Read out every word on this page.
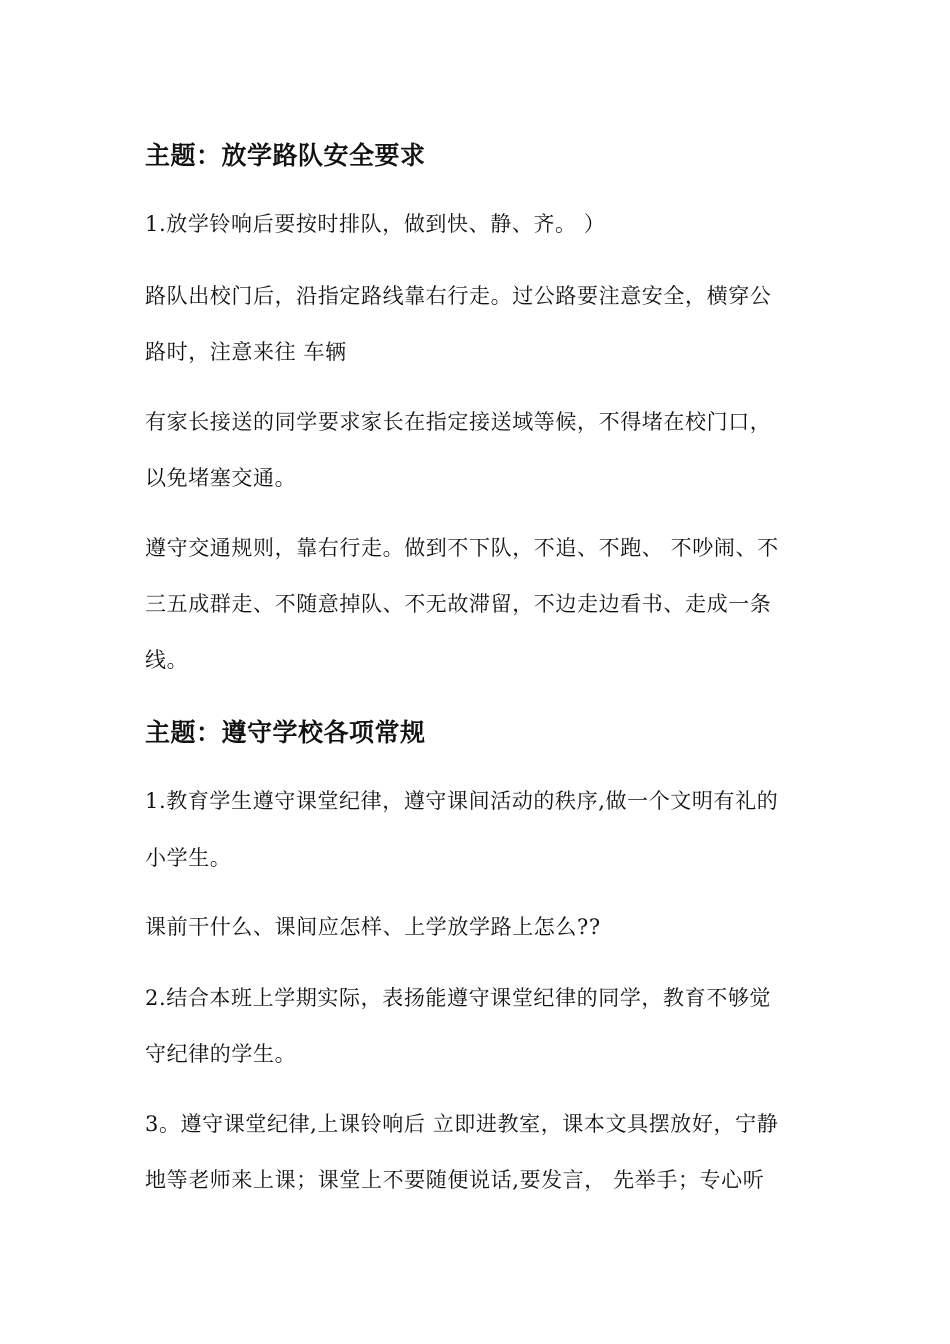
主题：放学路队安全要求
1.放学铃响后要按时排队，做到快、静、齐。 ）
路队出校门后，沿指定路线靠右行走。过公路要注意安全，横穿公
路时，注意来往 车辆
有家长接送的同学要求家长在指定接送域等候，不得堵在校门口，
以免堵塞交通。
遵守交通规则，靠右行走。做到不下队，不追、不跑、 不吵闹、不
三五成群走、不随意掉队、不无故滞留，不边走边看书、走成一条
线。
主题：遵守学校各项常规
1.教育学生遵守课堂纪律，遵守课间活动的秩序,做一个文明有礼的
小学生。
课前干什么、课间应怎样、上学放学路上怎么??
2.结合本班上学期实际，表扬能遵守课堂纪律的同学，教育不够觉
守纪律的学生。
3。遵守课堂纪律,上课铃响后 立即进教室，课本文具摆放好，宁静
地等老师来上课；课堂上不要随便说话,要发言， 先举手；专心听
